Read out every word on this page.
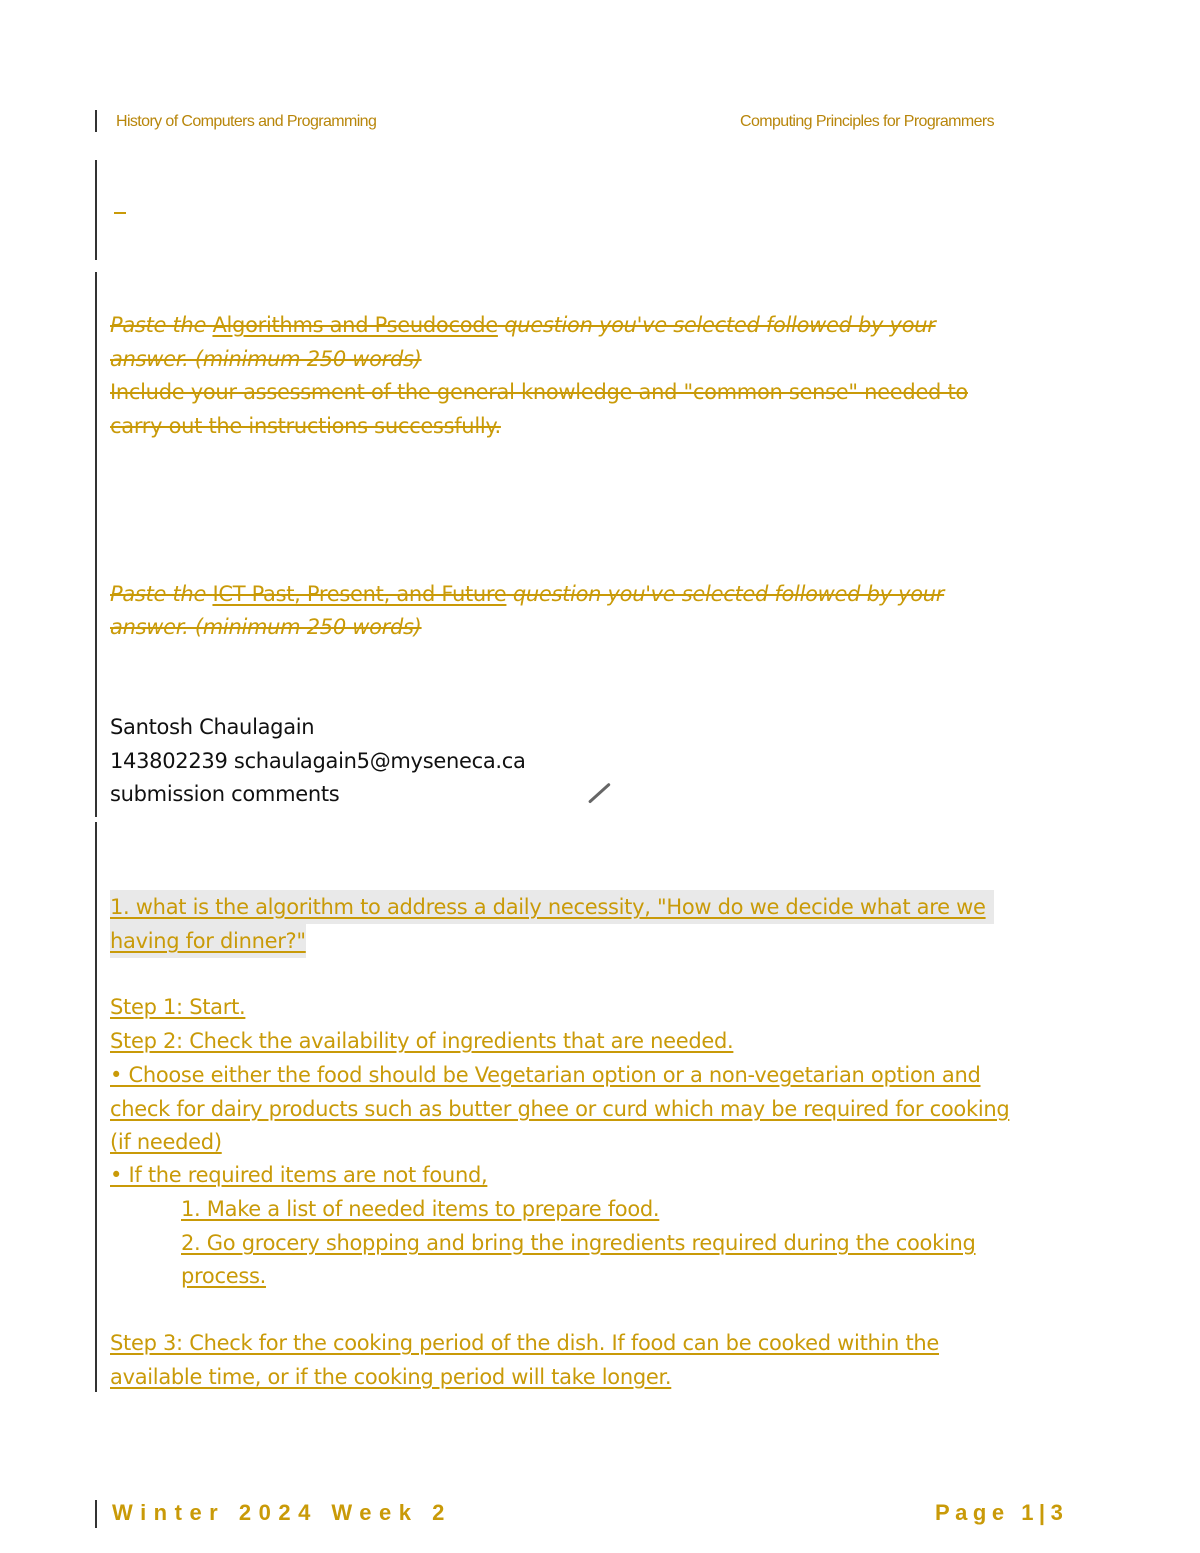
History of Computers and Programming	Computing Principles for Programmers
Paste the Algorithms and Pseudocode question you've selected followed by your
answer. (minimum 250 words)
Include your assessment of the general knowledge and "common sense" needed to
carry out the instructions successfully.
Paste the ICT Past, Present, and Future question you've selected followed by your
answer. (minimum 250 words)
Santosh Chaulagain
143802239 schaulagain5@myseneca.ca
submission comments
1. what is the algorithm to address a daily necessity, "How do we decide what are we
having for dinner?"
Step 1: Start.
Step 2: Check the availability of ingredients that are needed.
• Choose either the food should be Vegetarian option or a non-vegetarian option and
check for dairy products such as butter ghee or curd which may be required for cooking
(if needed)
• If the required items are not found,
1. Make a list of needed items to prepare food.
2. Go grocery shopping and bring the ingredients required during the cooking
process.
Step 3: Check for the cooking period of the dish. If food can be cooked within the
available time, or if the cooking period will take longer.
Winter 2024 Week 2	Page 1|3
